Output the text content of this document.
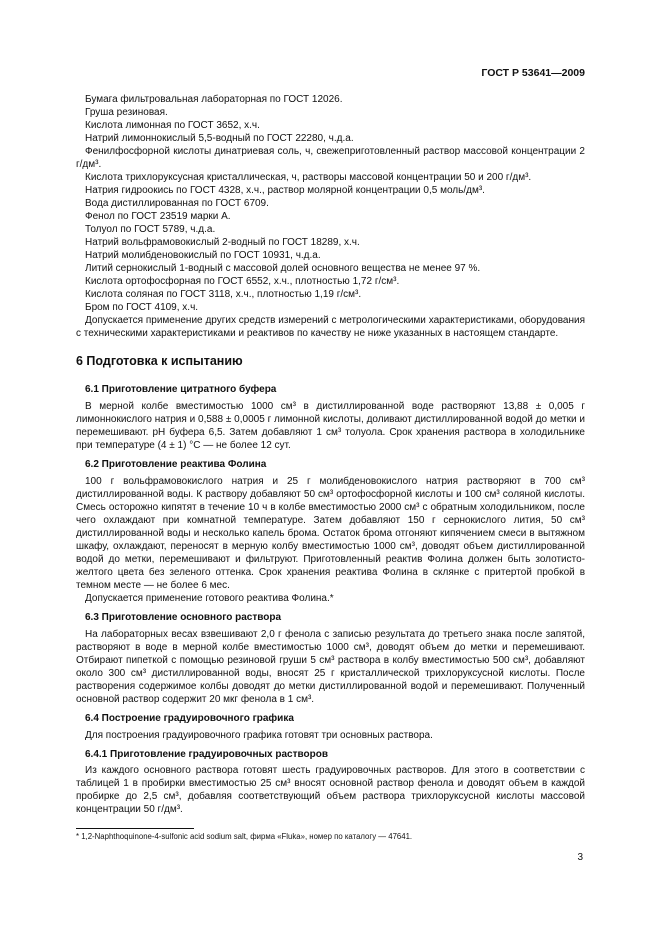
ГОСТ Р 53641—2009

Бумага фильтровальная лабораторная по ГОСТ 12026.

Груша резиновая.

Кислота лимонная по ГОСТ 3652, х.ч.

Натрий лимоннокислый 5,5-водный по ГОСТ 22280, ч.д.а.

Фенилфосфорной кислоты динатриевая соль, ч, свежеприготовленный раствор массовой концентрации 2 г/дм³.

Кислота трихлоруксусная кристаллическая, ч, растворы массовой концентрации 50 и 200 г/дм³.

Натрия гидроокись по ГОСТ 4328, х.ч., раствор молярной концентрации 0,5 моль/дм³.

Вода дистиллированная по ГОСТ 6709.

Фенол по ГОСТ 23519 марки А.

Толуол по ГОСТ 5789, ч.д.а.

Натрий вольфрамовокислый 2-водный по ГОСТ 18289, х.ч.

Натрий молибденовокислый по ГОСТ 10931, ч.д.а.

Литий сернокислый 1-водный с массовой долей основного вещества не менее 97 %.

Кислота ортофосфорная по ГОСТ 6552, х.ч., плотностью 1,72 г/см³.

Кислота соляная по ГОСТ 3118, х.ч., плотностью 1,19 г/см³.

Бром по ГОСТ 4109, х.ч.

Допускается применение других средств измерений с метрологическими характеристиками, оборудования с техническими характеристиками и реактивов по качеству не ниже указанных в настоящем стандарте.

6 Подготовка к испытанию

6.1 Приготовление цитратного буфера

В мерной колбе вместимостью 1000 см³ в дистиллированной воде растворяют 13,88 ± 0,005 г лимоннокислого натрия и 0,588 ± 0,0005 г лимонной кислоты, доливают дистиллированной водой до метки и перемешивают. pH буфера 6,5. Затем добавляют 1 см³ толуола. Срок хранения раствора в холодильнике при температуре (4 ± 1) °С — не более 12 сут.

6.2 Приготовление реактива Фолина

100 г вольфрамовокислого натрия и 25 г молибденовокислого натрия растворяют в 700 см³ дистиллированной воды. К раствору добавляют 50 см³ ортофосфорной кислоты и 100 см³ соляной кислоты. Смесь осторожно кипятят в течение 10 ч в колбе вместимостью 2000 см³ с обратным холодильником, после чего охлаждают при комнатной температуре. Затем добавляют 150 г сернокислого лития, 50 см³ дистиллированной воды и несколько капель брома. Остаток брома отгоняют кипячением смеси в вытяжном шкафу, охлаждают, переносят в мерную колбу вместимостью 1000 см³, доводят объем дистиллированной водой до метки, перемешивают и фильтруют. Приготовленный реактив Фолина должен быть золотисто-желтого цвета без зеленого оттенка. Срок хранения реактива Фолина в склянке с притертой пробкой в темном месте — не более 6 мес.

Допускается применение готового реактива Фолина.*

6.3 Приготовление основного раствора

На лабораторных весах взвешивают 2,0 г фенола с записью результата до третьего знака после запятой, растворяют в воде в мерной колбе вместимостью 1000 см³, доводят объем до метки и перемешивают. Отбирают пипеткой с помощью резиновой груши 5 см³ раствора в колбу вместимостью 500 см³, добавляют около 300 см³ дистиллированной воды, вносят 25 г кристаллической трихлоруксусной кислоты. После растворения содержимое колбы доводят до метки дистиллированной водой и перемешивают. Полученный основной раствор содержит 20 мкг фенола в 1 см³.

6.4 Построение градуировочного графика

Для построения градуировочного графика готовят три основных раствора.

6.4.1 Приготовление градуировочных растворов

Из каждого основного раствора готовят шесть градуировочных растворов. Для этого в соответствии с таблицей 1 в пробирки вместимостью 25 см³ вносят основной раствор фенола и доводят объем в каждой пробирке до 2,5 см³, добавляя соответствующий объем раствора трихлоруксусной кислоты массовой концентрации 50 г/дм³.

* 1,2-Naphthoquinone-4-sulfonic acid sodium salt, фирма «Fluka», номер по каталогу — 47641.
3
